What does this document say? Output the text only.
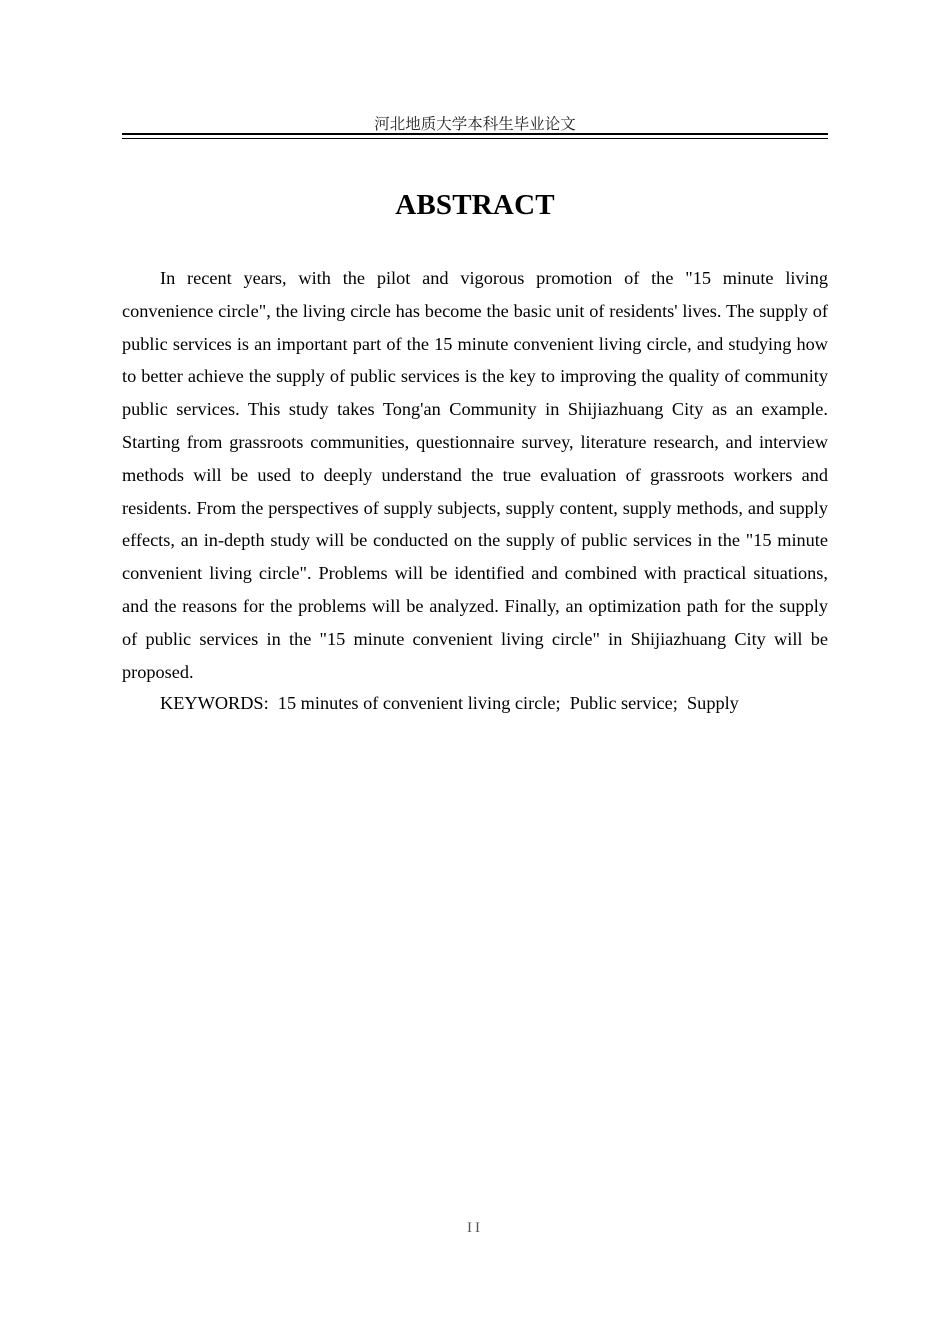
河北地质大学本科生毕业论文
ABSTRACT

In recent years, with the pilot and vigorous promotion of the "15 minute living convenience circle", the living circle has become the basic unit of residents' lives. The supply of public services is an important part of the 15 minute convenient living circle, and studying how to better achieve the supply of public services is the key to improving the quality of community public services. This study takes Tong'an Community in Shijiazhuang City as an example. Starting from grassroots communities, questionnaire survey, literature research, and interview methods will be used to deeply understand the true evaluation of grassroots workers and residents. From the perspectives of supply subjects, supply content, supply methods, and supply effects, an in-depth study will be conducted on the supply of public services in the "15 minute convenient living circle". Problems will be identified and combined with practical situations, and the reasons for the problems will be analyzed. Finally, an optimization path for the supply of public services in the "15 minute convenient living circle" in Shijiazhuang City will be proposed.

KEYWORDS:  15 minutes of convenient living circle;  Public service;  Supply
II
